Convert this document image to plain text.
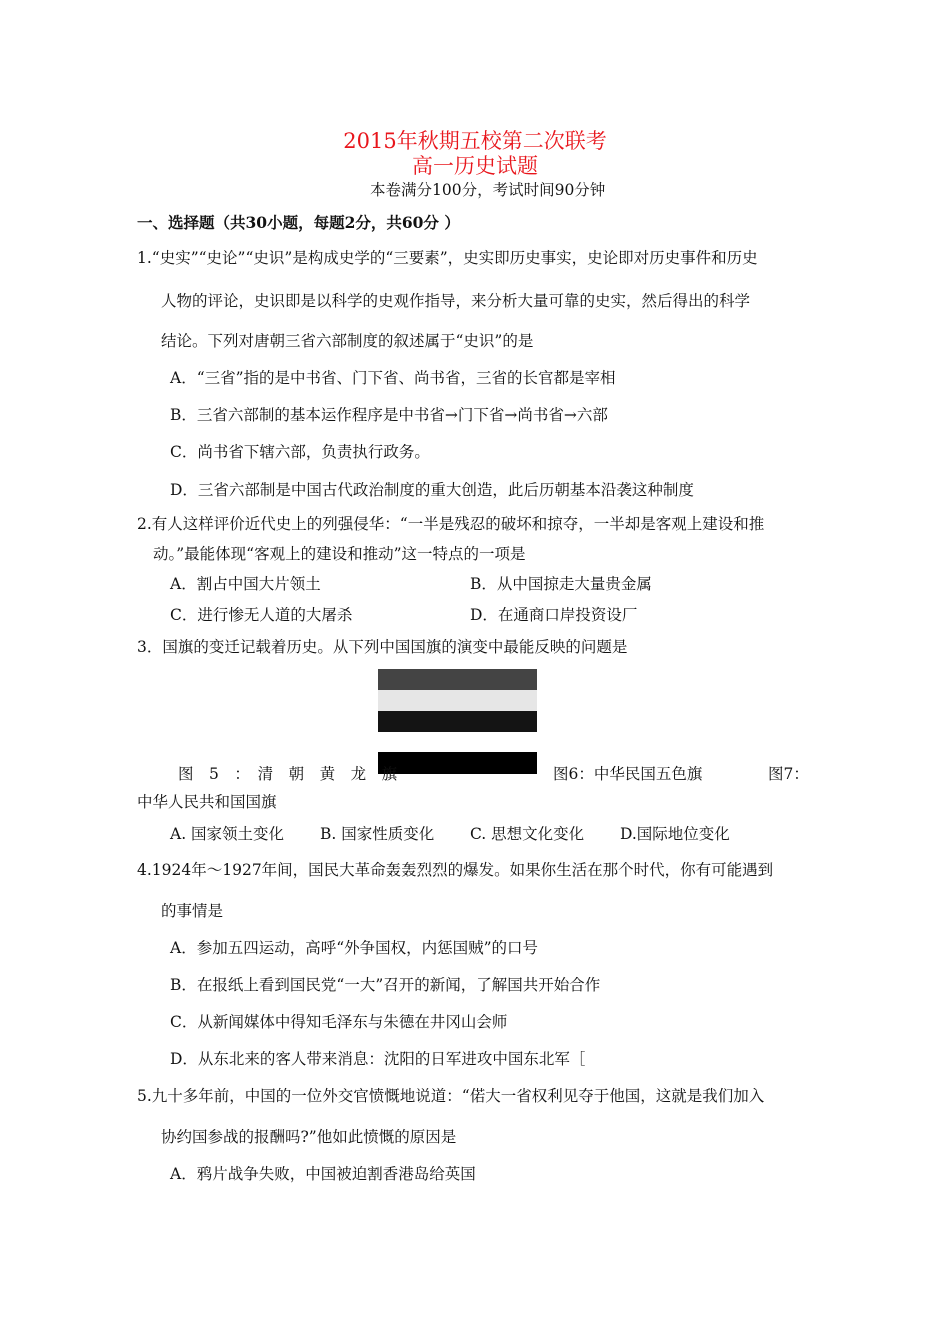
2015年秋期五校第二次联考
高一历史试题
本卷满分100分，考试时间90分钟
一、选择题（共30小题，每题2分，共60分 ）
1.“史实”“史论”“史识”是构成史学的“三要素”，史实即历史事实，史论即对历史事件和历史
人物的评论，史识即是以科学的史观作指导，来分析大量可靠的史实，然后得出的科学
结论。下列对唐朝三省六部制度的叙述属于“史识”的是
A．“三省”指的是中书省、门下省、尚书省，三省的长官都是宰相
B．三省六部制的基本运作程序是中书省→门下省→尚书省→六部
C．尚书省下辖六部，负责执行政务。
D．三省六部制是中国古代政治制度的重大创造，此后历朝基本沿袭这种制度
2.有人这样评价近代史上的列强侵华：“一半是残忍的破坏和掠夺，一半却是客观上建设和推
动。”最能体现“客观上的建设和推动”这一特点的一项是
A．割占中国大片领土	B．从中国掠走大量贵金属
C．进行惨无人道的大屠杀	D．在通商口岸投资设厂
3．国旗的变迁记载着历史。从下列中国国旗的演变中最能反映的问题是
图　5　：　清　朝　黄　龙　旗	图6：中华民国五色旗	图7：
中华人民共和国国旗
A. 国家领土变化 B. 国家性质变化 C. 思想文化变化 D.国际地位变化
4.1924年～1927年间，国民大革命轰轰烈烈的爆发。如果你生活在那个时代，你有可能遇到
的事情是
A．参加五四运动，高呼“外争国权，内惩国贼”的口号
B．在报纸上看到国民党“一大”召开的新闻，了解国共开始合作
C．从新闻媒体中得知毛泽东与朱德在井冈山会师
D．从东北来的客人带来消息：沈阳的日军进攻中国东北军［
5.九十多年前，中国的一位外交官愤慨地说道：“偌大一省权利见夺于他国，这就是我们加入
协约国参战的报酬吗?”他如此愤慨的原因是
A．鸦片战争失败，中国被迫割香港岛给英国
